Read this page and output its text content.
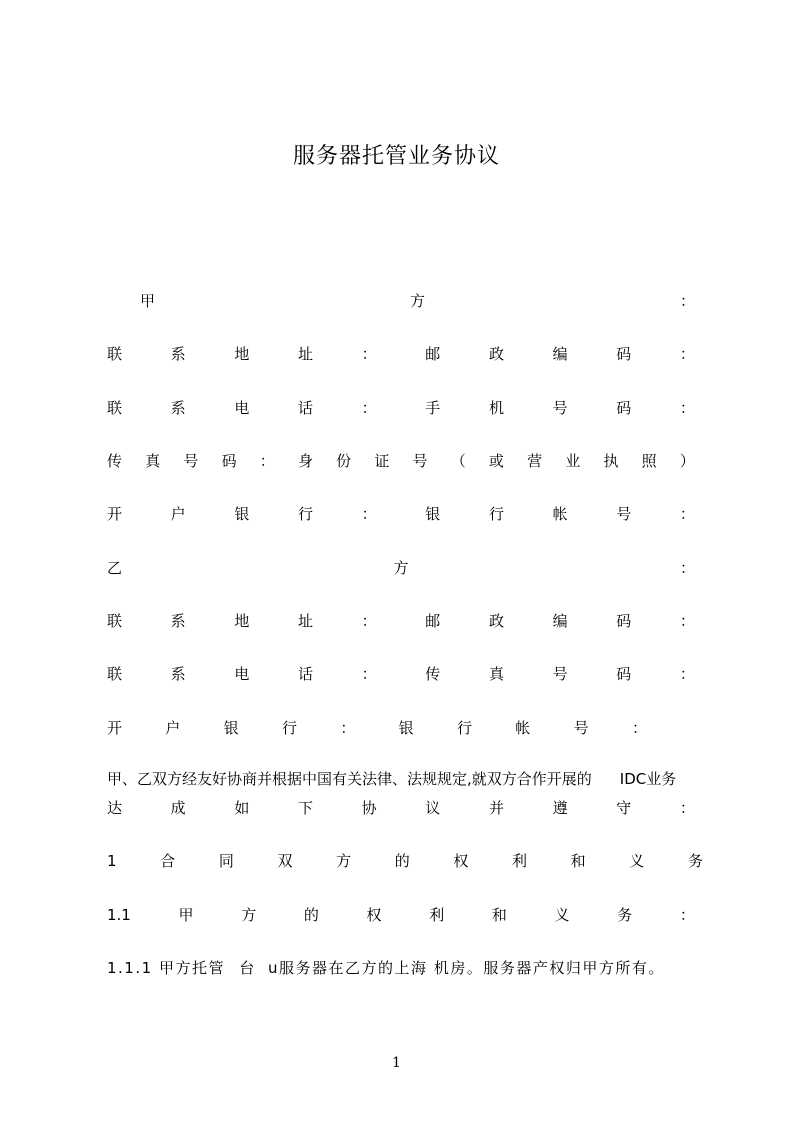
服务器托管业务协议
甲	方	：
联	系	地	址	：	邮	政	编	码	：
联	系	电	话	：	手	机	号	码	：
传 真 号 码 ： 身 份 证 号 （ 或 营 业 执 照 ）
开	户	银	行	：	银	行	帐	号	：
乙	方	：
联	系	地	址	：	邮	政	编	码	：
联	系	电	话	：	传	真	号	码	：
开	户	银	行	：	银	行	帐	号	：
甲、乙双方经友好协商并根据中国有关法律、法规规定,就双方合作开展的 IDC业务
达	成	如	下	协	议	并	遵	守	：
1	合	同	双	方	的	权	利	和	义	务
1.1	甲	方	的	权	利	和	义	务	：
1.1.1 甲方托管 台 u服务器在乙方的上海 机房。服务器产权归甲方所有。
1
